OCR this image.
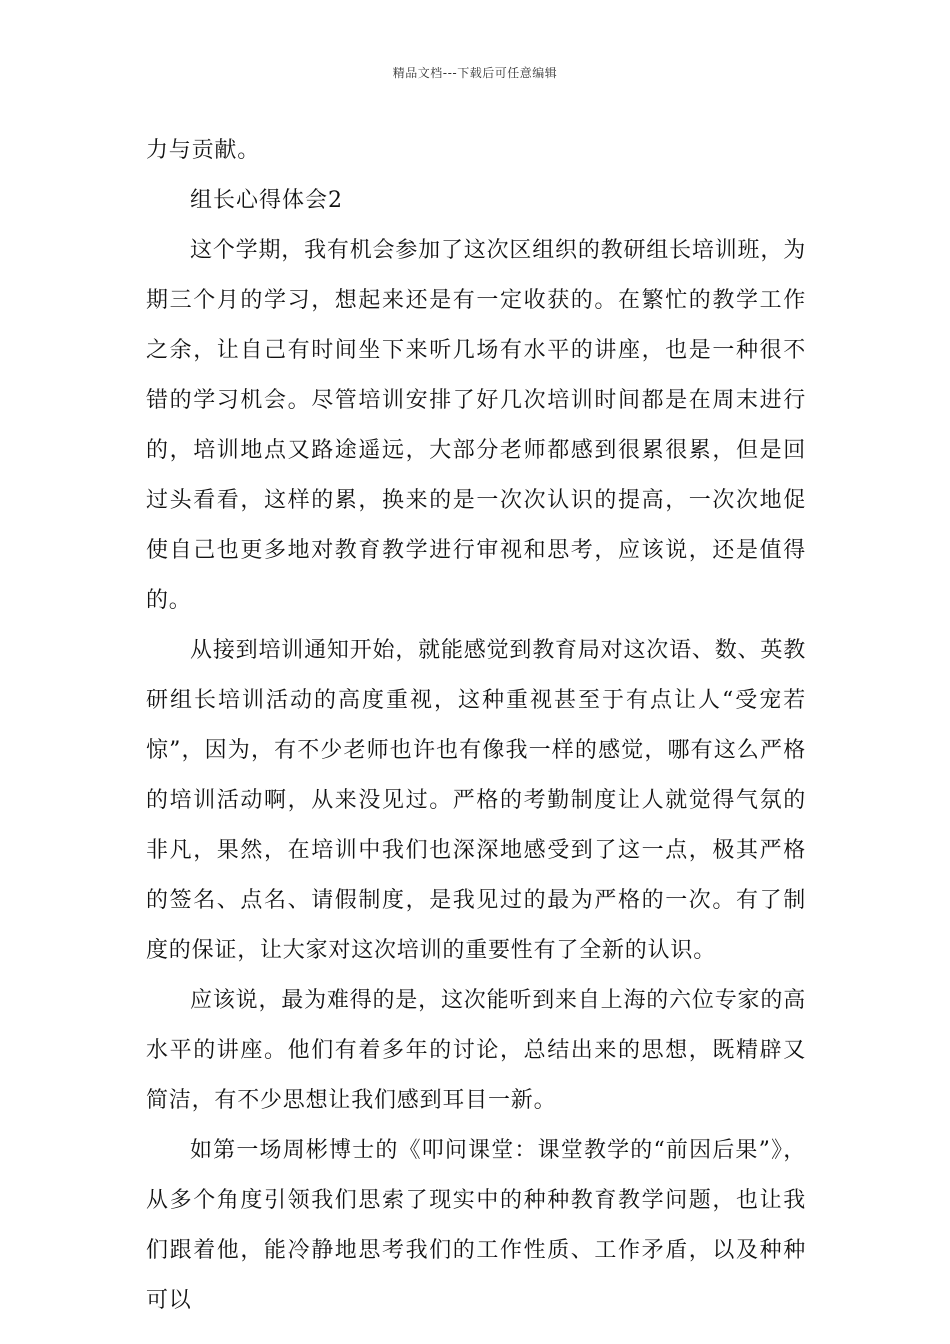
精品文档---下载后可任意编辑

力与贡献。

组长心得体会2

这个学期，我有机会参加了这次区组织的教研组长培训班，为期三个月的学习，想起来还是有一定收获的。在繁忙的教学工作之余，让自己有时间坐下来听几场有水平的讲座，也是一种很不错的学习机会。尽管培训安排了好几次培训时间都是在周末进行的，培训地点又路途遥远，大部分老师都感到很累很累，但是回过头看看，这样的累，换来的是一次次认识的提高，一次次地促使自己也更多地对教育教学进行审视和思考，应该说，还是值得的。

从接到培训通知开始，就能感觉到教育局对这次语、数、英教研组长培训活动的高度重视，这种重视甚至于有点让人“受宠若惊”，因为，有不少老师也许也有像我一样的感觉，哪有这么严格的培训活动啊，从来没见过。严格的考勤制度让人就觉得气氛的非凡，果然，在培训中我们也深深地感受到了这一点，极其严格的签名、点名、请假制度，是我见过的最为严格的一次。有了制度的保证，让大家对这次培训的重要性有了全新的认识。

应该说，最为难得的是，这次能听到来自上海的六位专家的高水平的讲座。他们有着多年的讨论，总结出来的思想，既精辟又简洁，有不少思想让我们感到耳目一新。

如第一场周彬博士的《叩问课堂：课堂教学的“前因后果”》，从多个角度引领我们思索了现实中的种种教育教学问题，也让我们跟着他，能冷静地思考我们的工作性质、工作矛盾，以及种种可以
